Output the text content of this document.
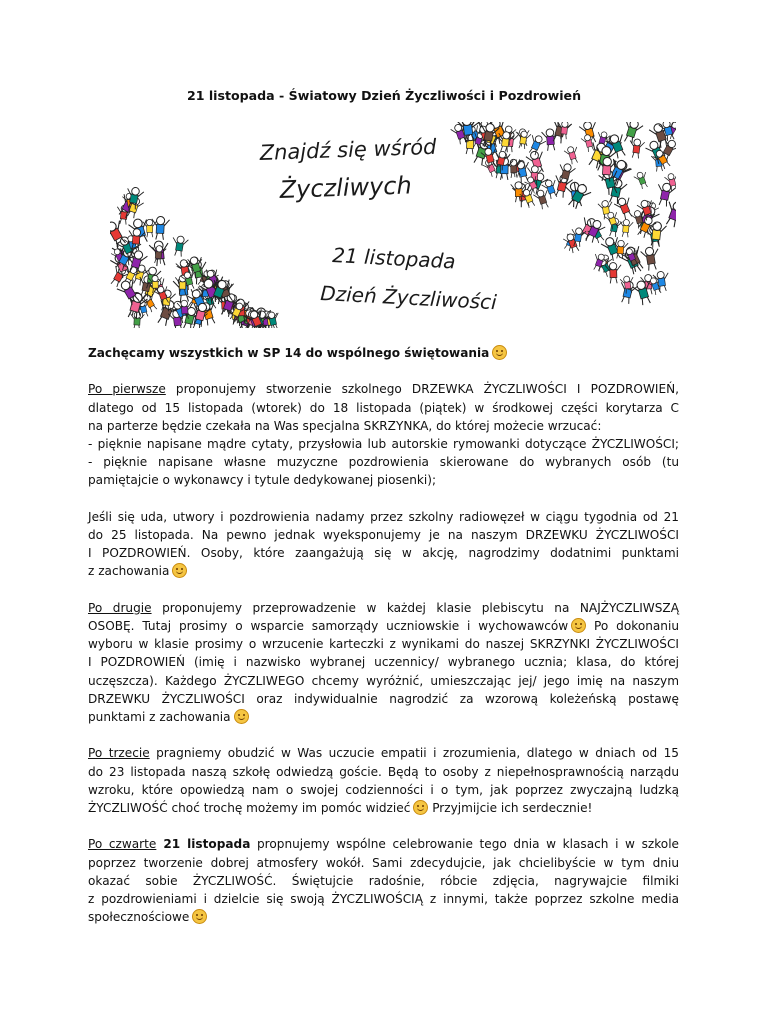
21 listopada - Światowy Dzień Życzliwości i Pozdrowień
Znajdź się wśród
Życzliwych
21 listopada
Dzień Życzliwości

Zachęcamy wszystkich w SP 14 do wspólnego świętowania

Po pierwsze proponujemy stworzenie szkolnego DRZEWKA ŻYCZLIWOŚCI I POZDROWIEŃ,
dlatego od 15 listopada (wtorek) do 18 listopada (piątek) w środkowej części korytarza C
na parterze będzie czekała na Was specjalna SKRZYNKA, do której możecie wrzucać:
- pięknie napisane mądre cytaty, przysłowia lub autorskie rymowanki dotyczące ŻYCZLIWOŚCI;
- pięknie napisane własne muzyczne pozdrowienia skierowane do wybranych osób (tu
pamiętajcie o wykonawcy i tytule dedykowanej piosenki);

Jeśli się uda, utwory i pozdrowienia nadamy przez szkolny radiowęzeł w ciągu tygodnia od 21
do 25 listopada. Na pewno jednak wyeksponujemy je na naszym DRZEWKU ŻYCZLIWOŚCI
I POZDROWIEŃ. Osoby, które zaangażują się w akcję, nagrodzimy dodatnimi punktami
z zachowania

Po drugie proponujemy przeprowadzenie w każdej klasie plebiscytu na NAJŻYCZLIWSZĄ
OSOBĘ. Tutaj prosimy o wsparcie samorządy uczniowskie i wychowawców Po dokonaniu
wyboru w klasie prosimy o wrzucenie karteczki z wynikami do naszej SKRZYNKI ŻYCZLIWOŚCI
I POZDROWIEŃ (imię i nazwisko wybranej uczennicy/ wybranego ucznia; klasa, do której
uczęszcza). Każdego ŻYCZLIWEGO chcemy wyróżnić, umieszczając jej/ jego imię na naszym
DRZEWKU ŻYCZLIWOŚCI oraz indywidualnie nagrodzić za wzorową koleżeńską postawę
punktami z zachowania

Po trzecie pragniemy obudzić w Was uczucie empatii i zrozumienia, dlatego w dniach od 15
do 23 listopada naszą szkołę odwiedzą goście. Będą to osoby z niepełnosprawnością narządu
wzroku, które opowiedzą nam o swojej codzienności i o tym, jak poprzez zwyczajną ludzką
ŻYCZLIWOŚĆ choć trochę możemy im pomóc widzieć Przyjmijcie ich serdecznie!

Po czwarte 21 listopada propnujemy wspólne celebrowanie tego dnia w klasach i w szkole
poprzez tworzenie dobrej atmosfery wokół. Sami zdecydujcie, jak chcielibyście w tym dniu
okazać sobie ŻYCZLIWOŚĆ. Świętujcie radośnie, róbcie zdjęcia, nagrywajcie filmiki
z pozdrowieniami i dzielcie się swoją ŻYCZLIWOŚCIĄ z innymi, także poprzez szkolne media
społecznościowe
